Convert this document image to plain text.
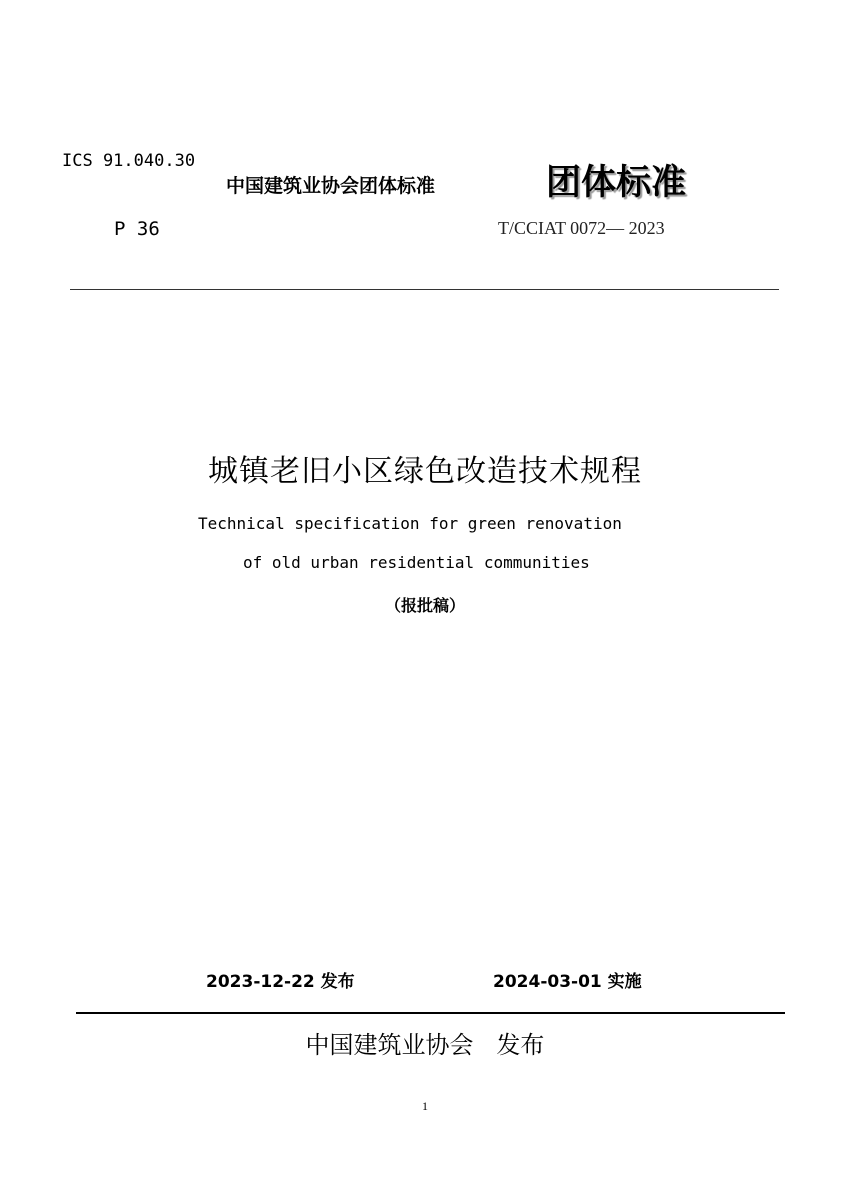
ICS 91.040.30
中国建筑业协会团体标准	团体标准
P 36	T/CCIAT 0072— 2023
城镇老旧小区绿色改造技术规程
Technical specification for green renovation
of old urban residential communities
（报批稿）
2023-12-22 发布	2024-03-01 实施
中国建筑业协会   发布
1
